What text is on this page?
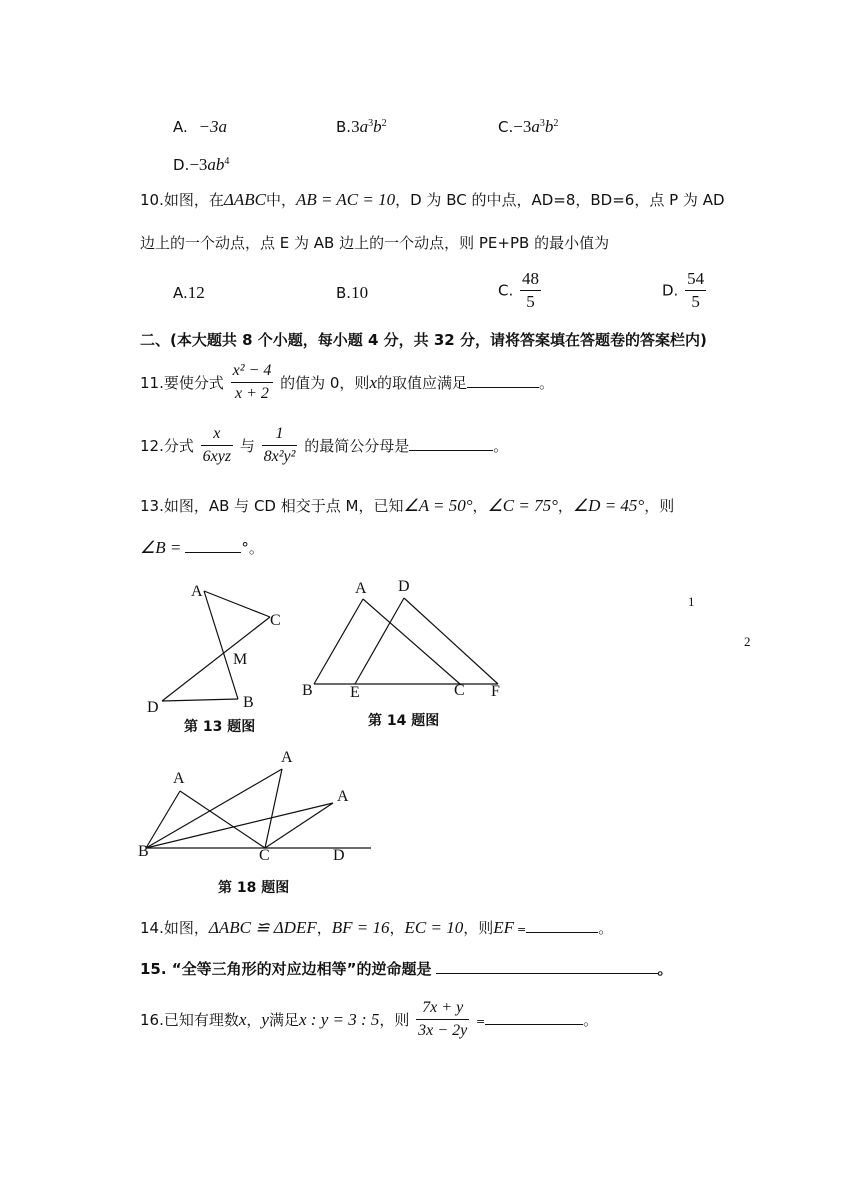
A. −3a	$B.3a^3b^2$	$C.-3a^3b^2$
$D.-3ab^4$
10.如图，在ΔABC中，AB = AC = 10，D 为 BC 的中点，AD=8，BD=6，点 P 为 AD
边上的一个动点，点 E 为 AB 边上的一个动点，则 PE+PB 的最小值为
A.12	B.10	C. $\frac{48}{5}$	D. $\frac{54}{5}$
二、(本大题共 8 个小题，每小题 4 分，共 32 分，请将答案填在答题卷的答案栏内)
11.要使分式 $\frac{\text{x² − 4}}{x + 2}$ 的值为 0，则x的取值应满足	。
12.分式 $\frac{x}{\text{6xyz}}$ 与 $\frac{1}{\text{8x²y²}}$ 的最简公分母是	。
13.如图，AB 与 CD 相交于点 M，已知∠A = 50°，∠C = 75°，∠D = 45°，则
∠B =	°。
1
2
A
C
M
D	B
第 13 题图
A D
B E	C F
第 14 题图
A
A
A
B	C	D
第 18 题图
14.如图，ΔABC ≌ ΔDEF，BF = 16，EC = 10，则EF =	。
15. “全等三角形的对应边相等”的逆命题是	。
16.已知有理数x，y满足x : y = 3 : 5，则 $\frac{7x + y}{3x - 2y}$ =	。
